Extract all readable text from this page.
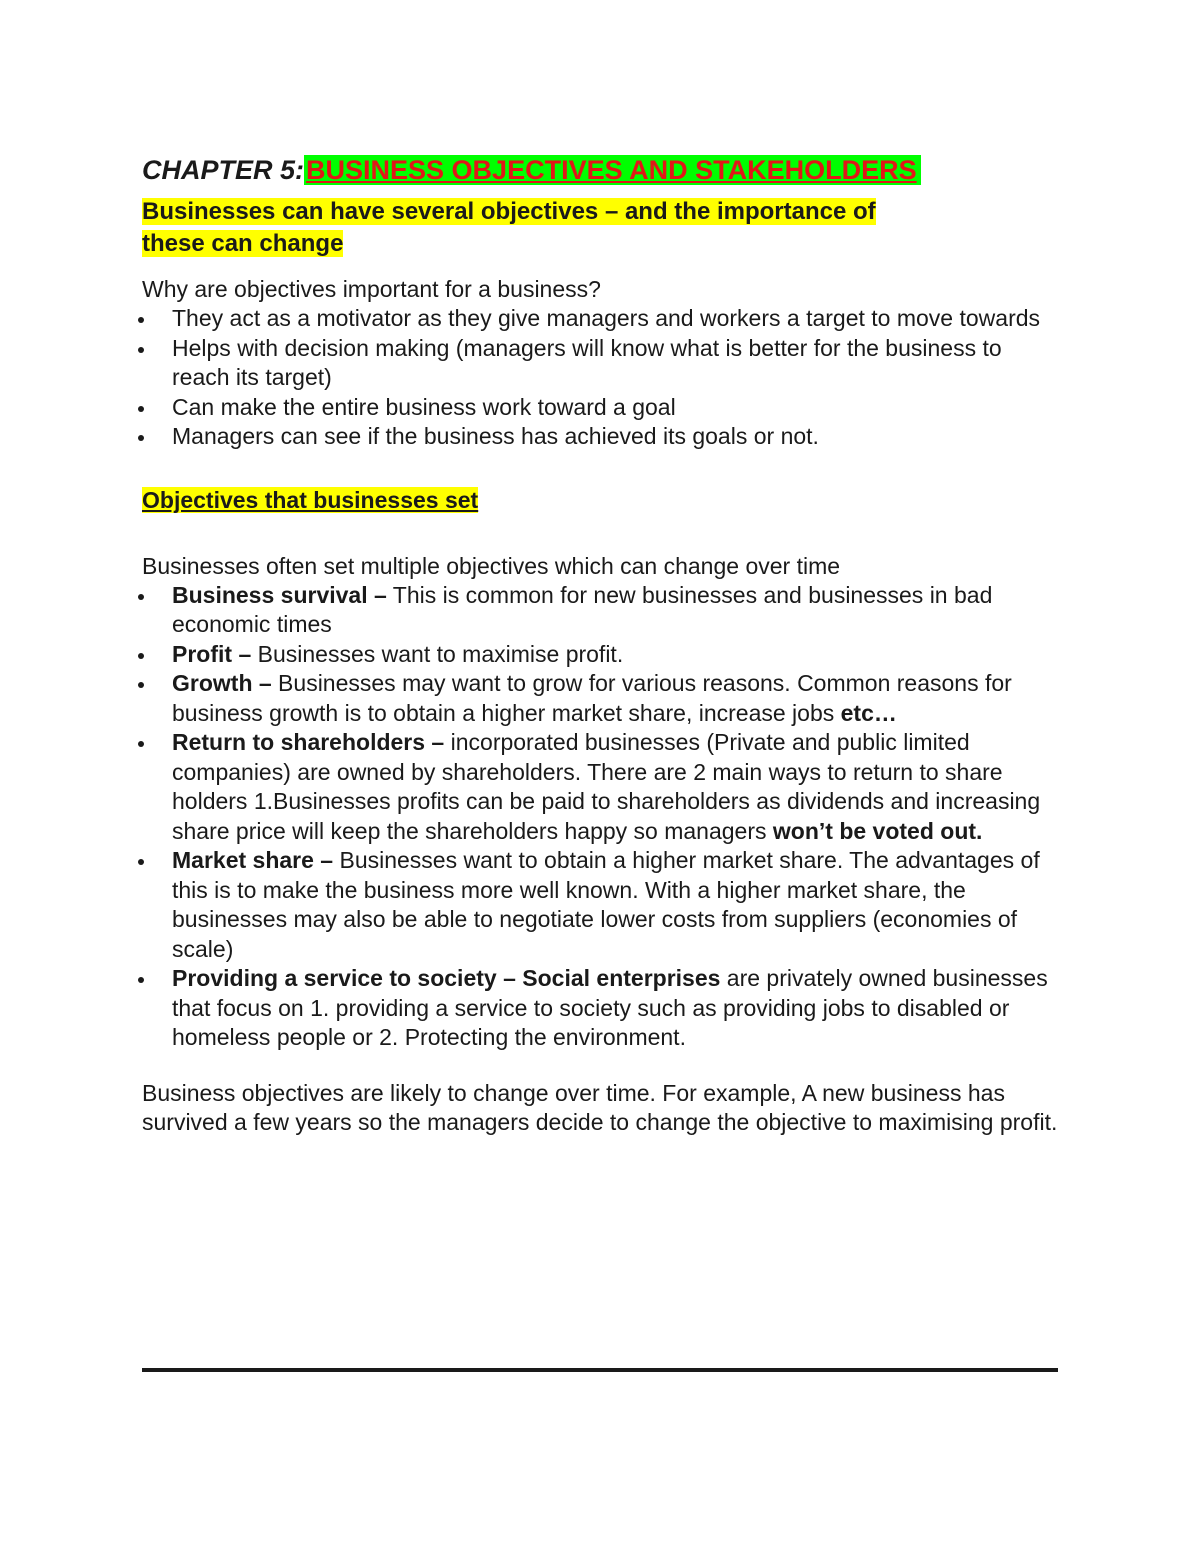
CHAPTER 5:BUSINESS OBJECTIVES AND STAKEHOLDERS
Businesses can have several objectives – and the importance of
these can change

Why are objectives important for a business?

They act as a motivator as they give managers and workers a target to move towards
Helps with decision making (managers will know what is better for the business to reach its target)
Can make the entire business work toward a goal
Managers can see if the business has achieved its goals or not.
Objectives that businesses set

Businesses often set multiple objectives which can change over time

Business survival – This is common for new businesses and businesses in bad economic times
Profit – Businesses want to maximise profit.
Growth – Businesses may want to grow for various reasons. Common reasons for business growth is to obtain a higher market share, increase jobs etc…
Return to shareholders – incorporated businesses (Private and public limited companies) are owned by shareholders. There are 2 main ways to return to share holders 1.Businesses profits can be paid to shareholders as dividends and increasing share price will keep the shareholders happy so managers won’t be voted out.
Market share – Businesses want to obtain a higher market share. The advantages of this is to make the business more well known. With a higher market share, the businesses may also be able to negotiate lower costs from suppliers (economies of scale)
Providing a service to society – Social enterprises are privately owned businesses that focus on 1. providing a service to society such as providing jobs to disabled or homeless people or 2. Protecting the environment.

Business objectives are likely to change over time. For example, A new business has survived a few years so the managers decide to change the objective to maximising profit.
